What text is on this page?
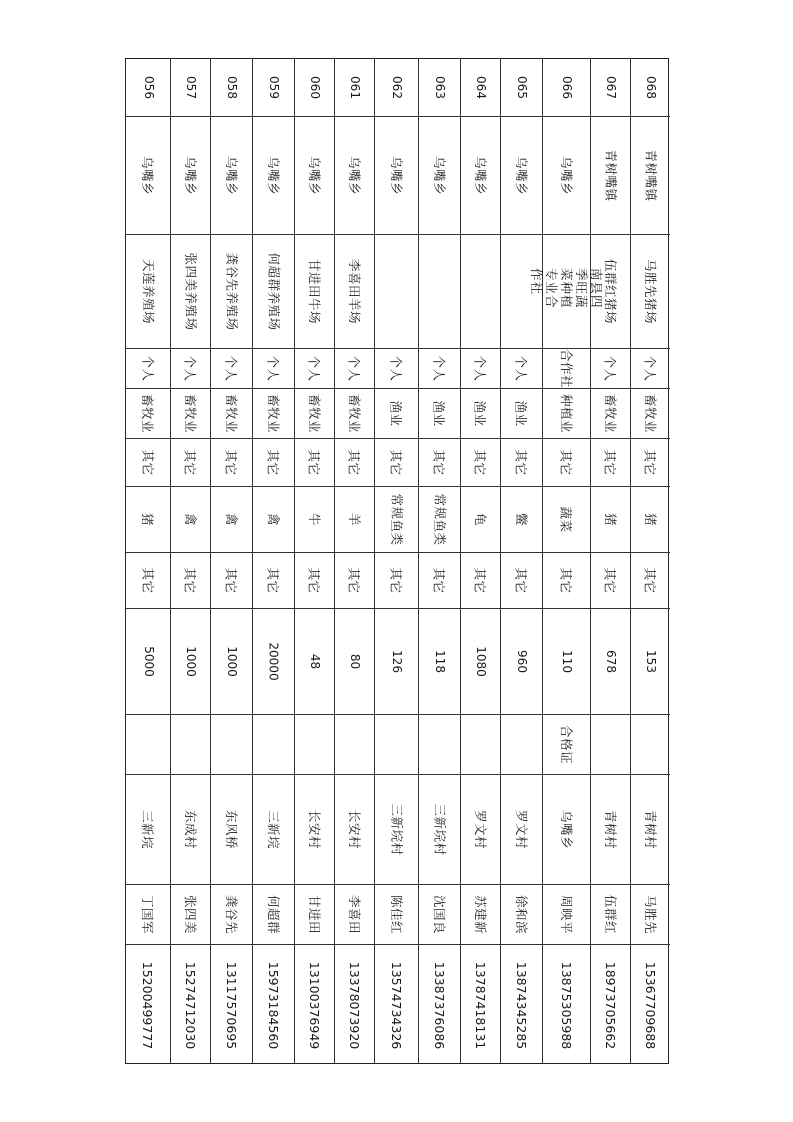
056
乌嘴乡
天莲养殖场
个人
畜牧业
其它
猪
其它
5000
三新垸
丁国军
15200499777
057
乌嘴乡
张四美养殖场
个人
畜牧业
其它
禽
其它
1000
东成村
张四美
15274712030
058
乌嘴乡
龚谷先养殖场
个人
畜牧业
其它
禽
其它
1000
东风桥
龚谷先
13117570695
059
乌嘴乡
何超群养殖场
个人
畜牧业
其它
禽
其它
20000
三新垸
何超群
15973184560
060
乌嘴乡
甘进田牛场
个人
畜牧业
其它
牛
其它
48
长安村
甘进田
13100376949
061
乌嘴乡
李喜田羊场
个人
畜牧业
其它
羊
其它
80
长安村
李喜田
13378073920
062
乌嘴乡
个人
渔业
其它
常规鱼类
其它
126
三新垸村
陈佳红
13574734326
063
乌嘴乡
个人
渔业
其它
常规鱼类
其它
118
三新垸村
沈国良
13387376086
064
乌嘴乡
个人
渔业
其它
龟
其它
1080
罗文村
苏建新
13787418131
065
乌嘴乡
个人
渔业
其它
鳖
其它
960
罗文村
徐和滨
13874345285
066
乌嘴乡
南县四季旺蔬菜种植专业合作社
合作社
种植业
其它
蔬菜
其它
110
合格证
乌嘴乡
周映平
13875305988
067
青树嘴镇
伍群红猪场
个人
畜牧业
其它
猪
其它
678
青树村
伍群红
18973705662
068
青树嘴镇
马胜先猪场
个人
畜牧业
其它
猪
其它
153
青树村
马胜先
15367709688
